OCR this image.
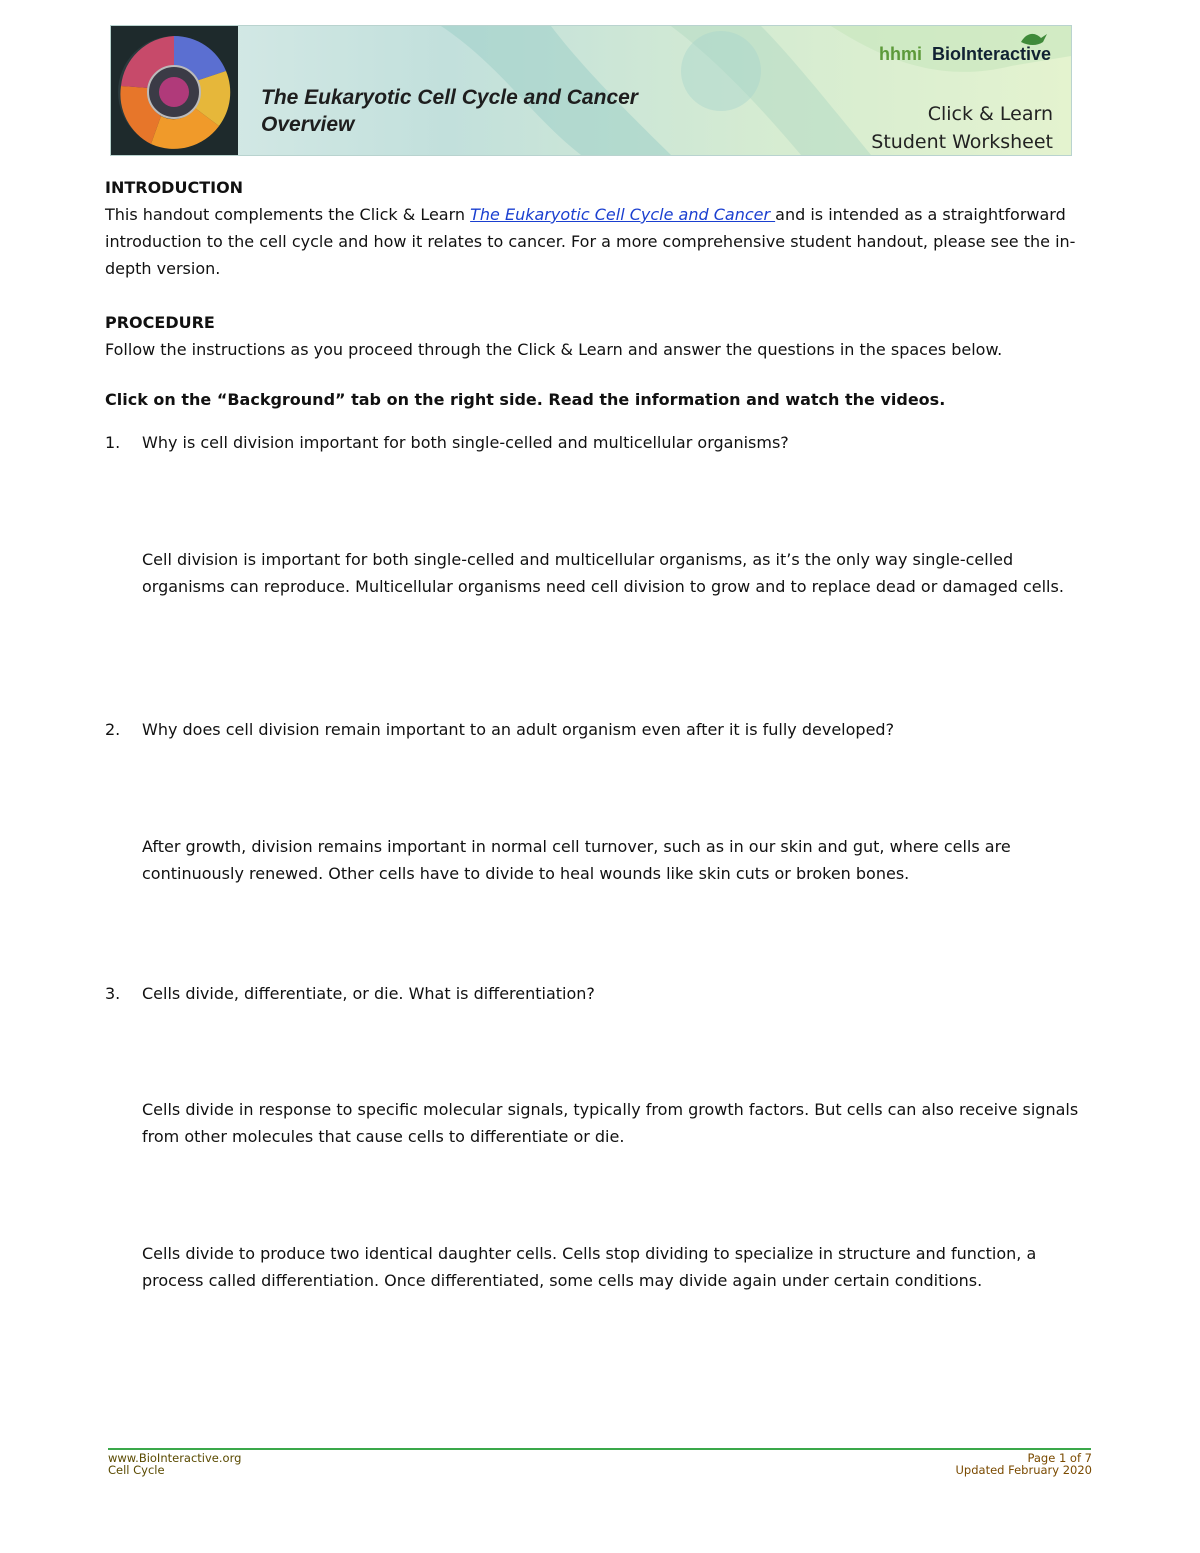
The Eukaryotic Cell Cycle and Cancer
Overview
hhmi BioInteractive
Click & Learn
Student Worksheet

INTRODUCTION

This handout complements the Click & Learn The Eukaryotic Cell Cycle and Cancer and is intended as a straightforward introduction to the cell cycle and how it relates to cancer. For a more comprehensive student handout, please see the in-depth version.

PROCEDURE

Follow the instructions as you proceed through the Click & Learn and answer the questions in the spaces below.

Click on the “Background” tab on the right side. Read the information and watch the videos.

1. Why is cell division important for both single-celled and multicellular organisms?

Cell division is important for both single-celled and multicellular organisms, as it’s the only way single-celled organisms can reproduce. Multicellular organisms need cell division to grow and to replace dead or damaged cells.

2. Why does cell division remain important to an adult organism even after it is fully developed?

After growth, division remains important in normal cell turnover, such as in our skin and gut, where cells are continuously renewed. Other cells have to divide to heal wounds like skin cuts or broken bones.

3. Cells divide, differentiate, or die. What is differentiation?

Cells divide in response to specific molecular signals, typically from growth factors. But cells can also receive signals from other molecules that cause cells to differentiate or die.

Cells divide to produce two identical daughter cells. Cells stop dividing to specialize in structure and function, a process called differentiation. Once differentiated, some cells may divide again under certain conditions.

www.BioInteractive.org
Cell Cycle
Page 1 of 7
Updated February 2020
